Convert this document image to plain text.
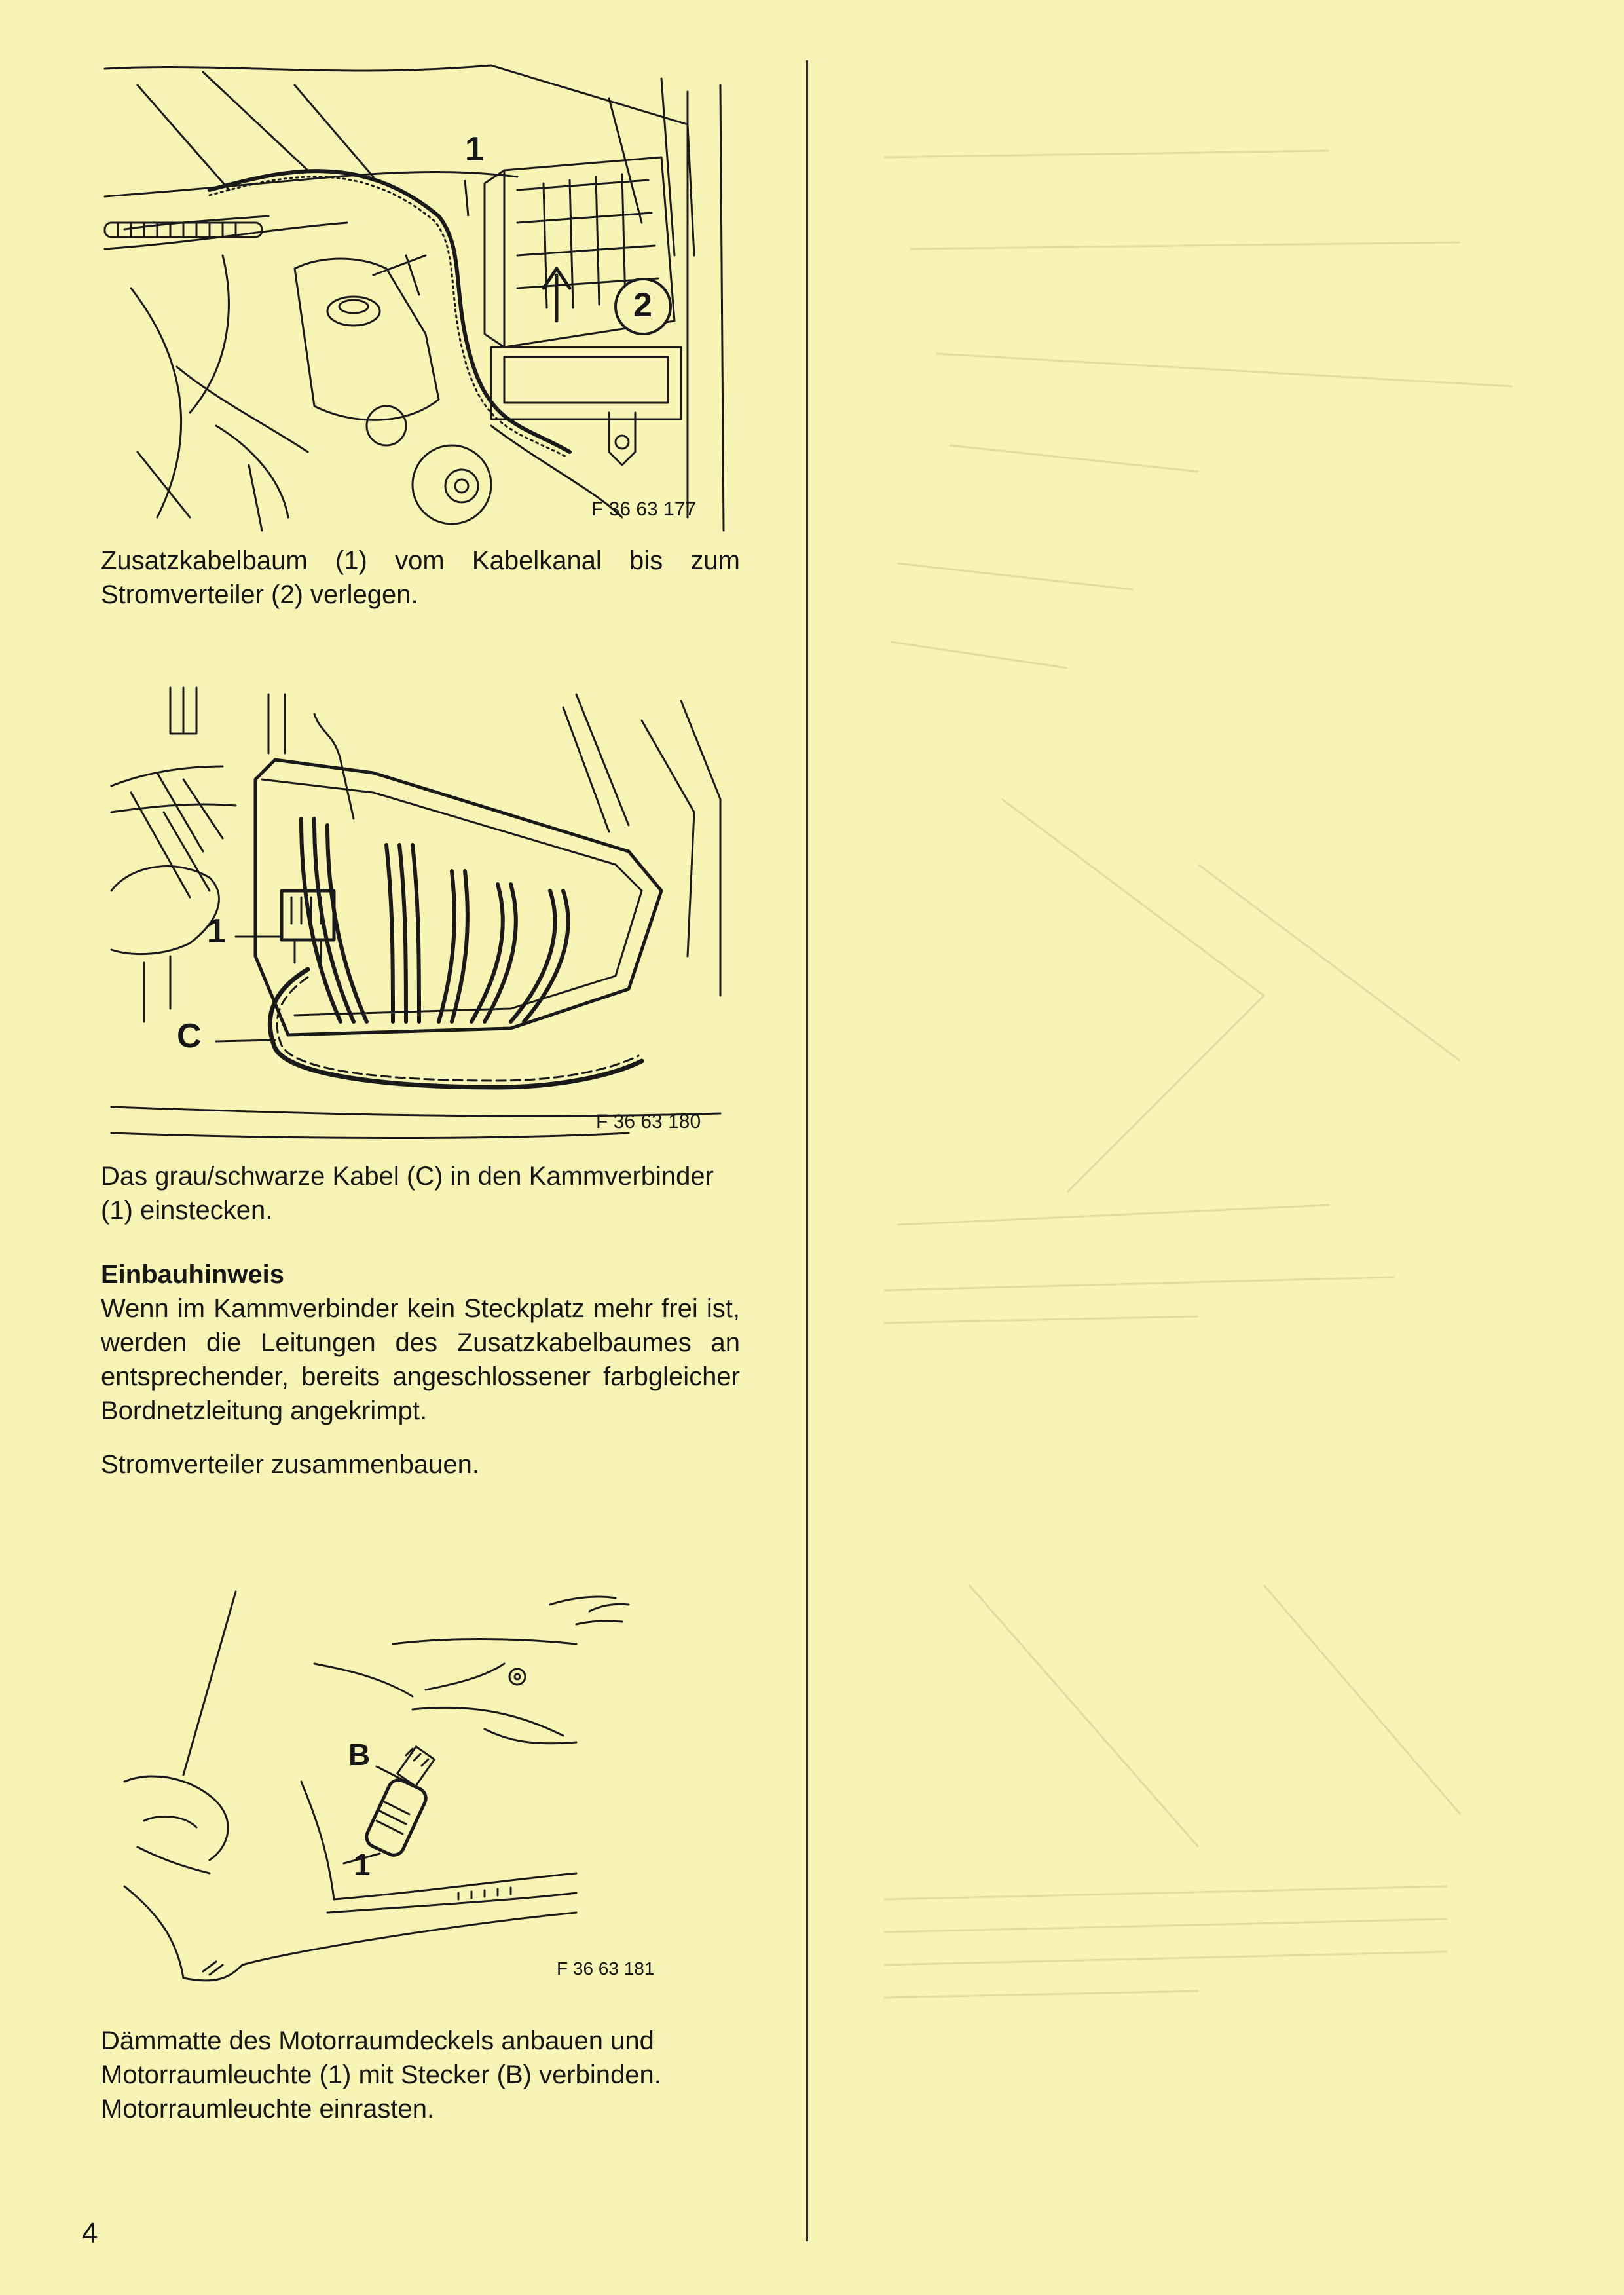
1
2
F 36 63 177

Zusatzkabelbaum (1) vom Kabelkanal bis zum Stromverteiler (2) verlegen.

1
C
F 36 63 180

Das grau/schwarze Kabel (C) in den Kammverbinder (1) einstecken.

Einbauhinweis

Wenn im Kammverbinder kein Steckplatz mehr frei ist, werden die Leitungen des Zusatzkabelbaumes an entsprechender, bereits angeschlossener farbgleicher Bordnetzleitung angekrimpt.

Stromverteiler zusammenbauen.

B
1
F 36 63 181

Dämmatte des Motorraumdeckels anbauen und Motorraumleuchte (1) mit Stecker (B) verbinden. Motorraumleuchte einrasten.

4
